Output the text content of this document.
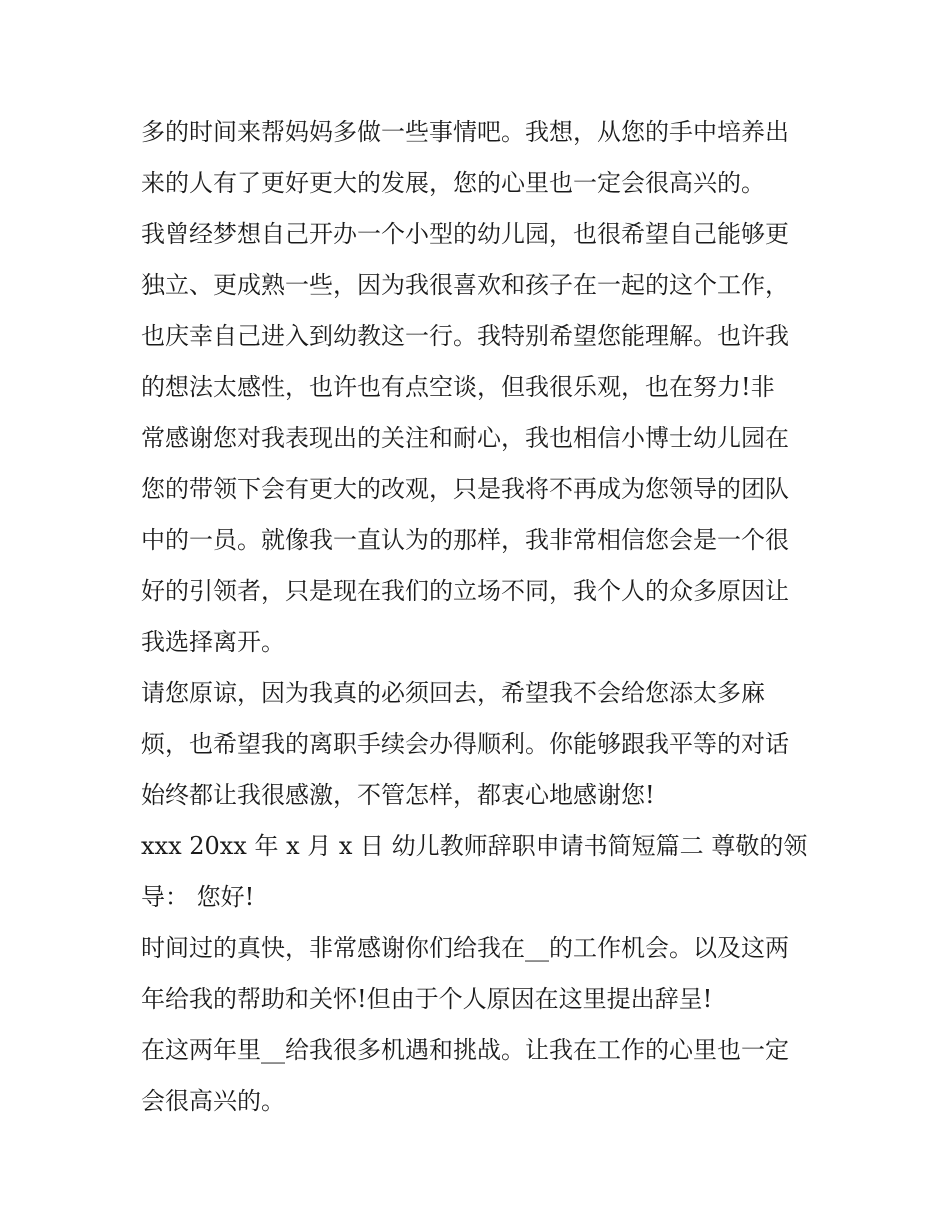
多的时间来帮妈妈多做一些事情吧。我想，从您的手中培养出
来的人有了更好更大的发展，您的心里也一定会很高兴的。
我曾经梦想自己开办一个小型的幼儿园，也很希望自己能够更
独立、更成熟一些，因为我很喜欢和孩子在一起的这个工作，
也庆幸自己进入到幼教这一行。我特别希望您能理解。也许我
的想法太感性，也许也有点空谈，但我很乐观，也在努力!非
常感谢您对我表现出的关注和耐心，我也相信小博士幼儿园在
您的带领下会有更大的改观，只是我将不再成为您领导的团队
中的一员。就像我一直认为的那样，我非常相信您会是一个很
好的引领者，只是现在我们的立场不同，我个人的众多原因让
我选择离开。
请您原谅，因为我真的必须回去，希望我不会给您添太多麻
烦，也希望我的离职手续会办得顺利。你能够跟我平等的对话
始终都让我很感激，不管怎样，都衷心地感谢您!
xxx 20xx 年 x 月 x 日 幼儿教师辞职申请书简短篇二 尊敬的领
导： 您好!
时间过的真快，非常感谢你们给我在__的工作机会。以及这两
年给我的帮助和关怀!但由于个人原因在这里提出辞呈!
在这两年里__给我很多机遇和挑战。让我在工作的心里也一定
会很高兴的。
